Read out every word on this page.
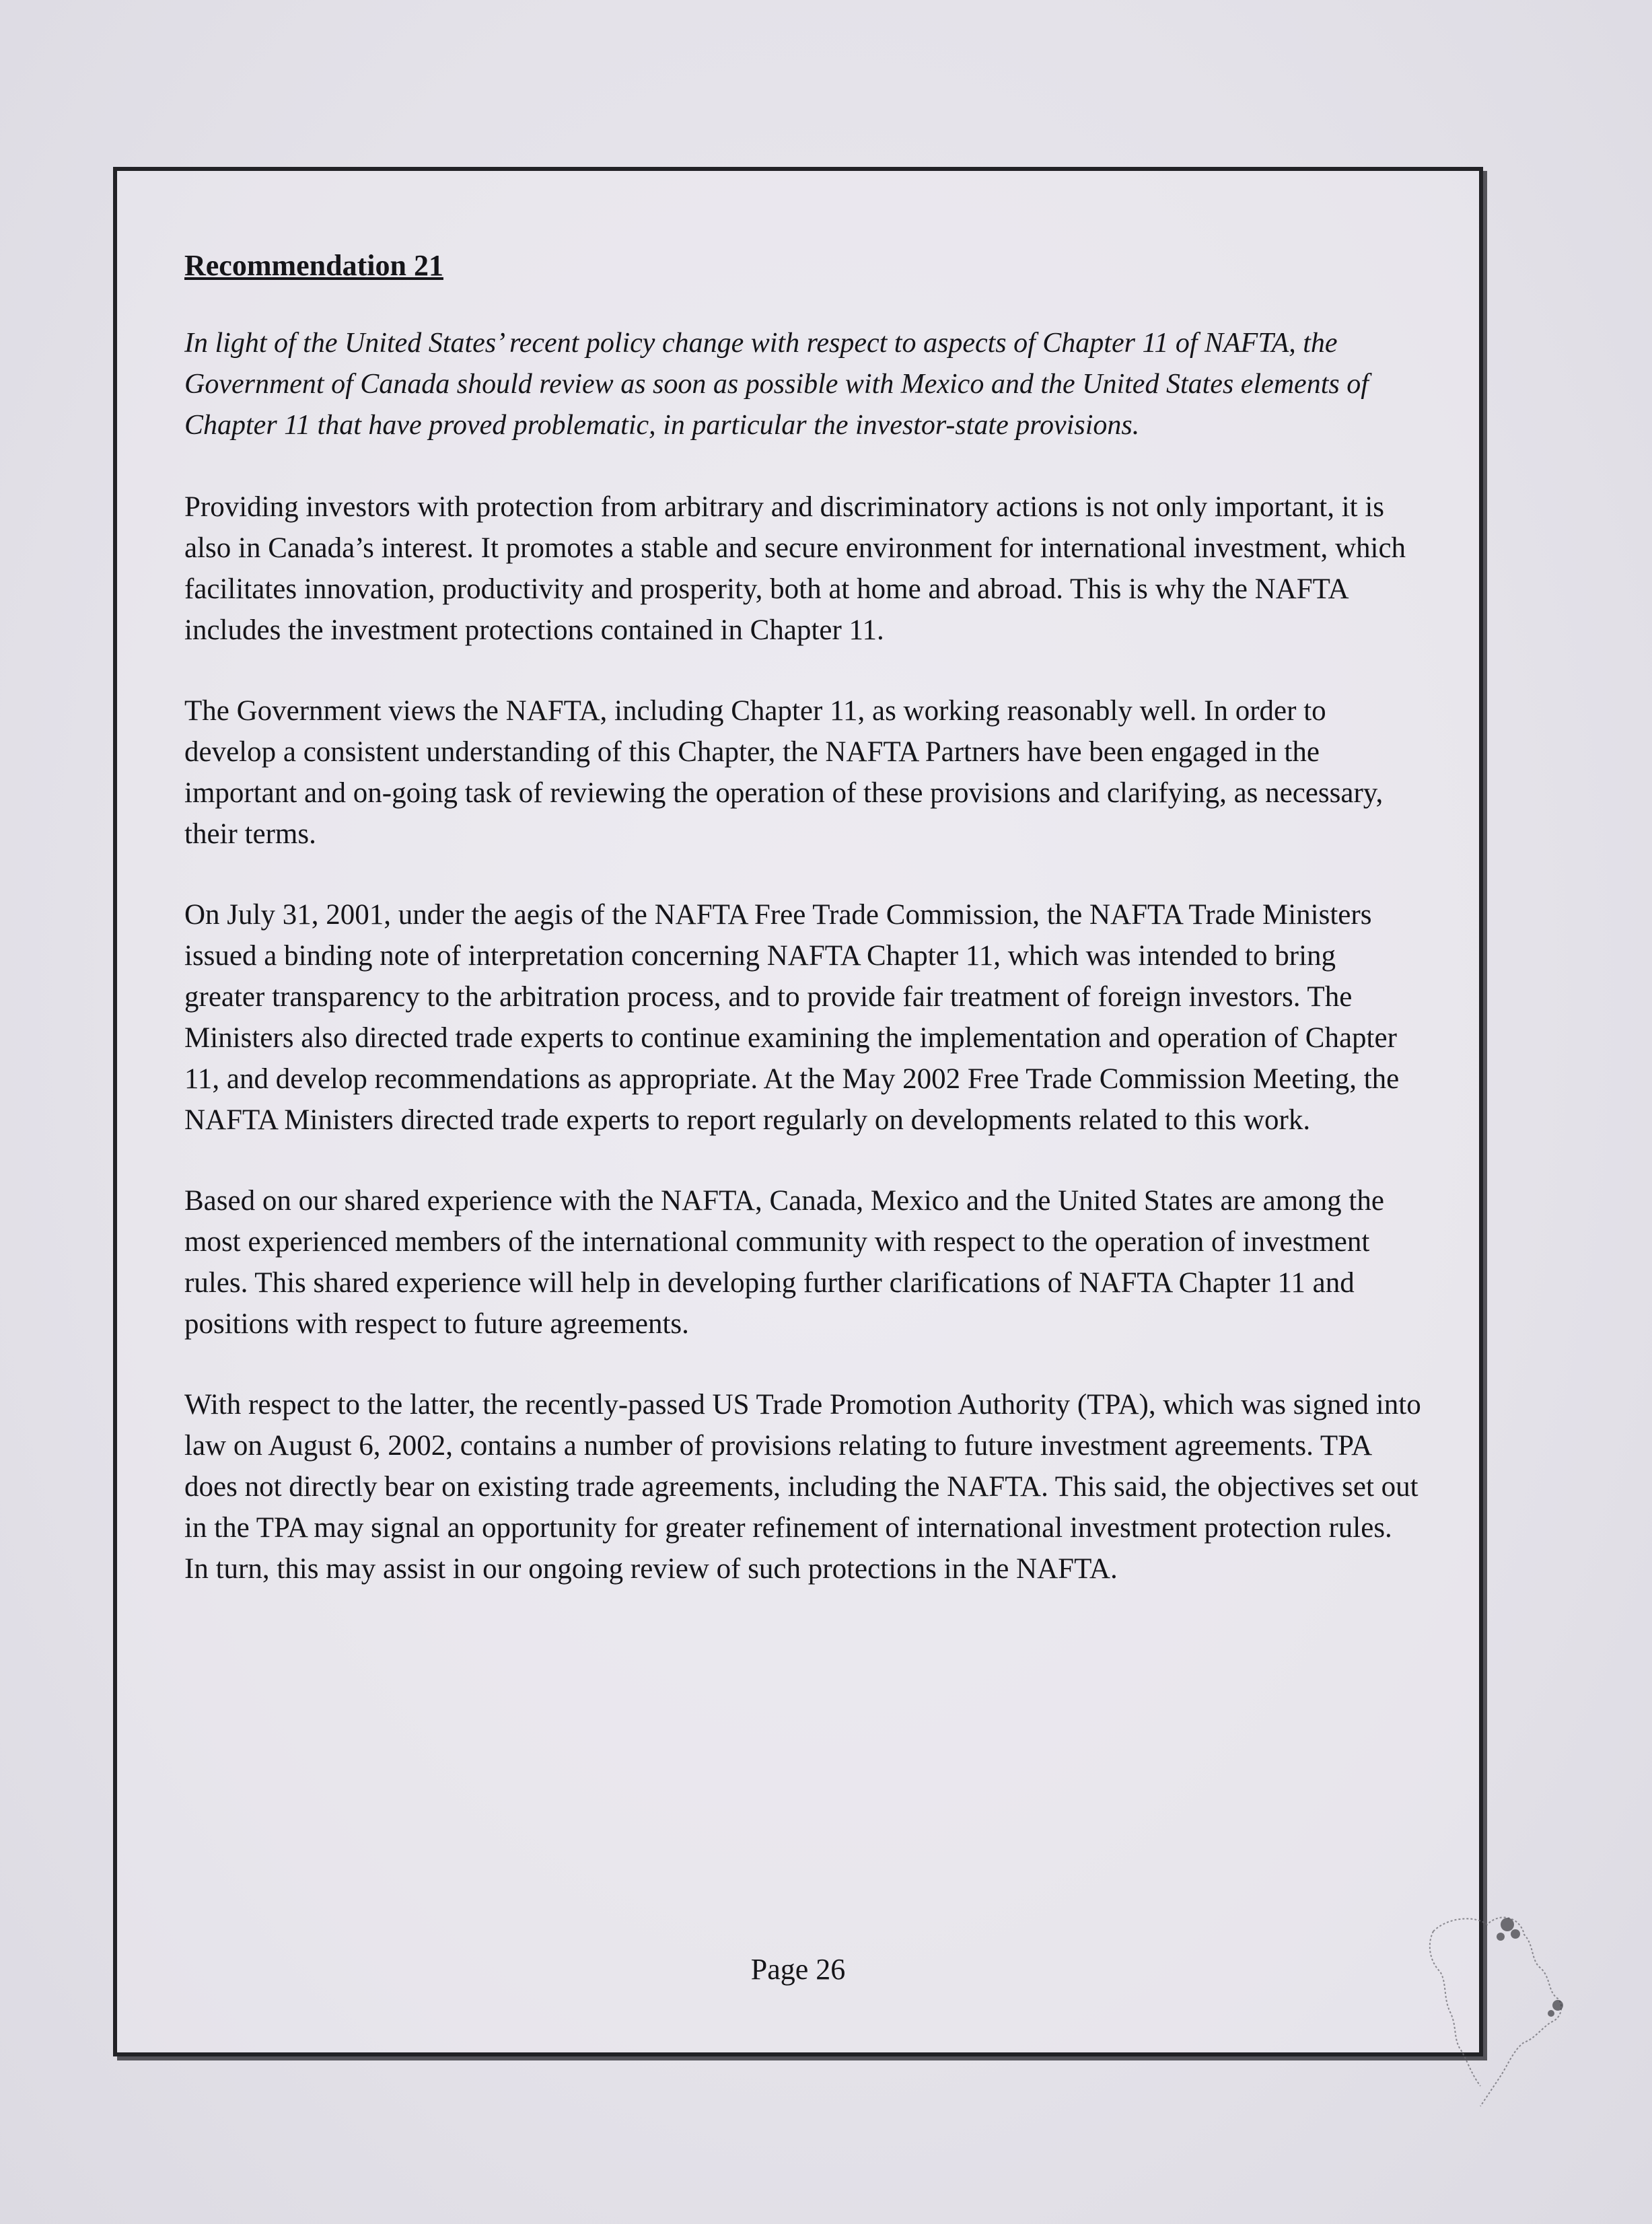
Recommendation 21

In light of the United States’ recent policy change with respect to aspects of Chapter 11 of NAFTA, the Government of Canada should review as soon as possible with Mexico and the United States elements of Chapter 11 that have proved problematic, in particular the investor-state provisions.

Providing investors with protection from arbitrary and discriminatory actions is not only important, it is also in Canada’s interest. It promotes a stable and secure environment for international investment, which facilitates innovation, productivity and prosperity, both at home and abroad. This is why the NAFTA includes the investment protections contained in Chapter 11.

The Government views the NAFTA, including Chapter 11, as working reasonably well. In order to develop a consistent understanding of this Chapter, the NAFTA Partners have been engaged in the important and on-going task of reviewing the operation of these provisions and clarifying, as necessary, their terms.

On July 31, 2001, under the aegis of the NAFTA Free Trade Commission, the NAFTA Trade Ministers issued a binding note of interpretation concerning NAFTA Chapter 11, which was intended to bring greater transparency to the arbitration process, and to provide fair treatment of foreign investors. The Ministers also directed trade experts to continue examining the implementation and operation of Chapter 11, and develop recommendations as appropriate. At the May 2002 Free Trade Commission Meeting, the NAFTA Ministers directed trade experts to report regularly on developments related to this work.

Based on our shared experience with the NAFTA, Canada, Mexico and the United States are among the most experienced members of the international community with respect to the operation of investment rules. This shared experience will help in developing further clarifications of NAFTA Chapter 11 and positions with respect to future agreements.

With respect to the latter, the recently-passed US Trade Promotion Authority (TPA), which was signed into law on August 6, 2002, contains a number of provisions relating to future investment agreements. TPA does not directly bear on existing trade agreements, including the NAFTA. This said, the objectives set out in the TPA may signal an opportunity for greater refinement of international investment protection rules. In turn, this may assist in our ongoing review of such protections in the NAFTA.

Page 26
